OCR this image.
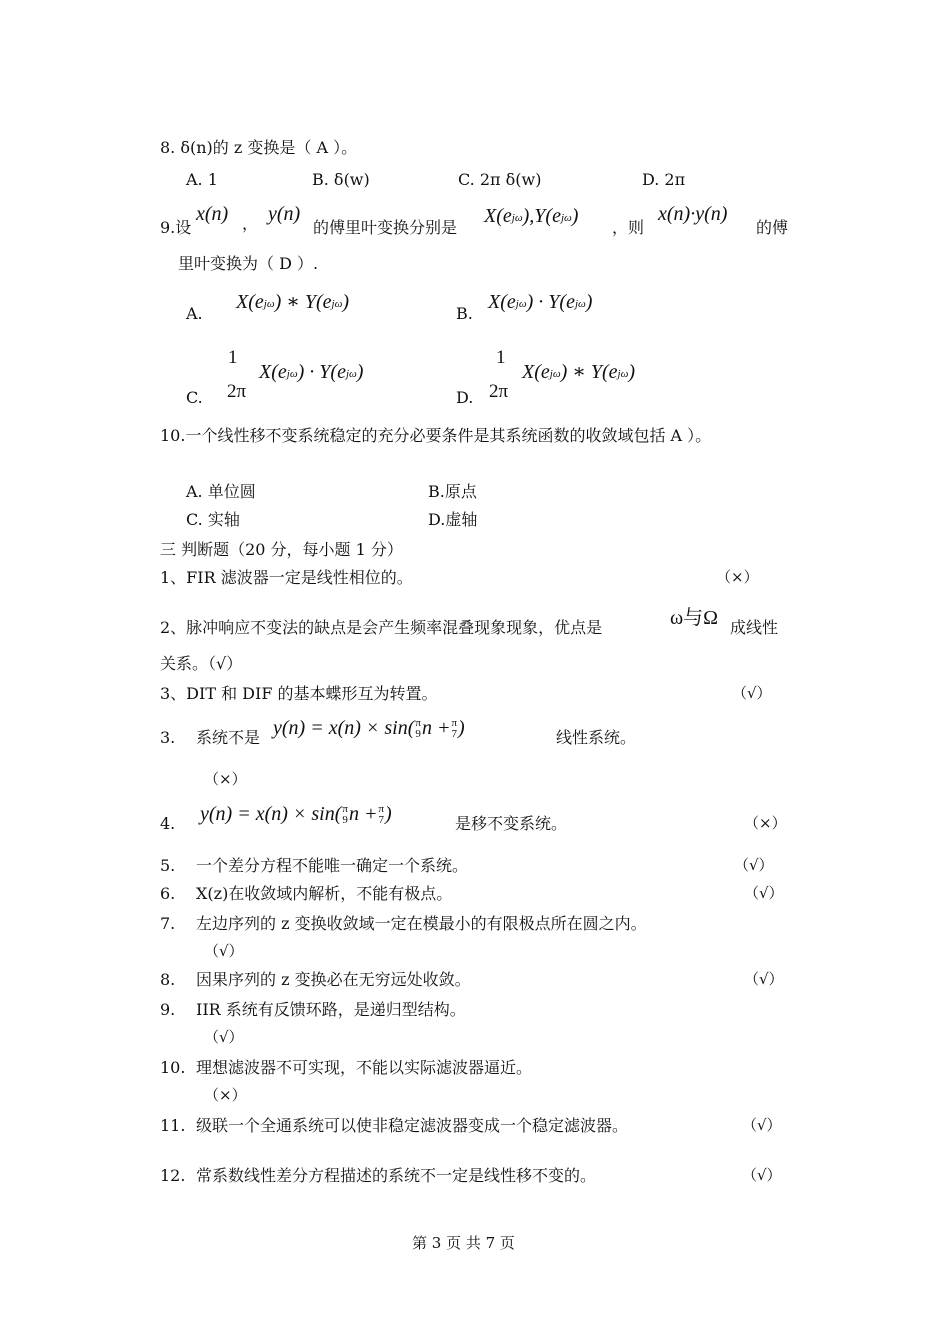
8. δ(n)的 z 变换是（ A ）。
A. 1	B. δ(w)	C. 2π δ(w)	D. 2π
9.设
x(n) ， y(n)
的傅里叶变换分别是
X(ejω),Y(ejω)
，则
x(n)·y(n)
的傅
里叶变换为（ D ）.
A.
X(ejω) ∗ Y(ejω)
B.
X(ejω) · Y(ejω)
1
2π
C.
X(ejω) · Y(ejω)
1
2π
D.
X(ejω) ∗ Y(ejω)
10.一个线性移不变系统稳定的充分必要条件是其系统函数的收敛域包括 A ）。
A. 单位圆	B.原点
C. 实轴	D.虚轴
三 判断题（20 分，每小题 1 分）
1、FIR 滤波器一定是线性相位的。	（×）
2、脉冲响应不变法的缺点是会产生频率混叠现象现象，优点是	ω与Ω 成线性
关系。（√）
3、DIT 和 DIF 的基本蝶形互为转置。	（√）
3. 系统不是 y(n) = x(n) × sin( π
9 n + π
7 )	线性系统。
（×）
4. y(n) = x(n) × sin( π
9 n + π
7 )	是移不变系统。	（×）
5. 一个差分方程不能唯一确定一个系统。	（√）
6. X(z)在收敛域内解析，不能有极点。	（√）
7. 左边序列的 z 变换收敛域一定在模最小的有限极点所在圆之内。
（√）
8. 因果序列的 z 变换必在无穷远处收敛。	（√）
9. IIR 系统有反馈环路，是递归型结构。
（√）
10. 理想滤波器不可实现，不能以实际滤波器逼近。
（×）
11. 级联一个全通系统可以使非稳定滤波器变成一个稳定滤波器。	（√）
12. 常系数线性差分方程描述的系统不一定是线性移不变的。	（√）
第 3 页 共 7 页
